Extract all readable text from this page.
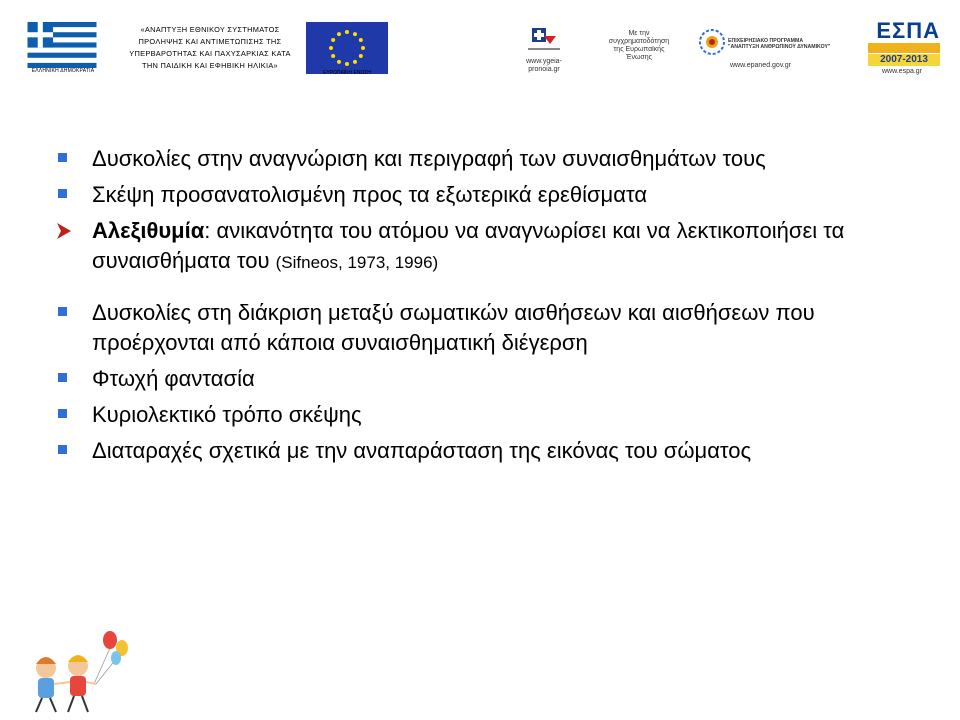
ΕΛΛΗΝΙΚΗ ΔΗΜΟΚΡΑΤΙΑ
«ΑΝΑΠΤΥΞΗ ΕΘΝΙΚΟΥ ΣΥΣΤΗΜΑΤΟΣ
ΠΡΟΛΗΨΗΣ ΚΑΙ ΑΝΤΙΜΕΤΩΠΙΣΗΣ ΤΗΣ
ΥΠΕΡΒΑΡΟΤΗΤΑΣ ΚΑΙ ΠΑΧΥΣΑΡΚΙΑΣ ΚΑΤΑ
ΤΗΝ ΠΑΙΔΙΚΗ ΚΑΙ ΕΦΗΒΙΚΗ ΗΛΙΚΙΑ»
ΕΥΡΩΠΑΪΚΗ ΕΝΩΣΗ
www.ygeia-
pronoia.gr
Με την
συγχρηματοδότηση
της Ευρωπαϊκής
Ένωσης
ΕΠΙΧΕΙΡΗΣΙΑΚΟ ΠΡΟΓΡΑΜΜΑ
"ΑΝΑΠΤΥΞΗ ΑΝΘΡΩΠΙΝΟΥ ΔΥΝΑΜΙΚΟΥ"
www.epaned.gov.gr
ΕΣΠΑ
2007-2013
www.espa.gr
Δυσκολίες στην αναγνώριση και περιγραφή των συναισθημάτων τους
Σκέψη προσανατολισμένη προς τα εξωτερικά ερεθίσματα
Αλεξιθυμία: ανικανότητα του ατόμου να αναγνωρίσει και να λεκτικοποιήσει τα συναισθήματα του (Sifneos, 1973, 1996)
Δυσκολίες στη διάκριση μεταξύ σωματικών αισθήσεων και αισθήσεων που προέρχονται από κάποια συναισθηματική διέγερση
Φτωχή φαντασία
Κυριολεκτικό τρόπο σκέψης
Διαταραχές σχετικά με την αναπαράσταση της εικόνας του σώματος
